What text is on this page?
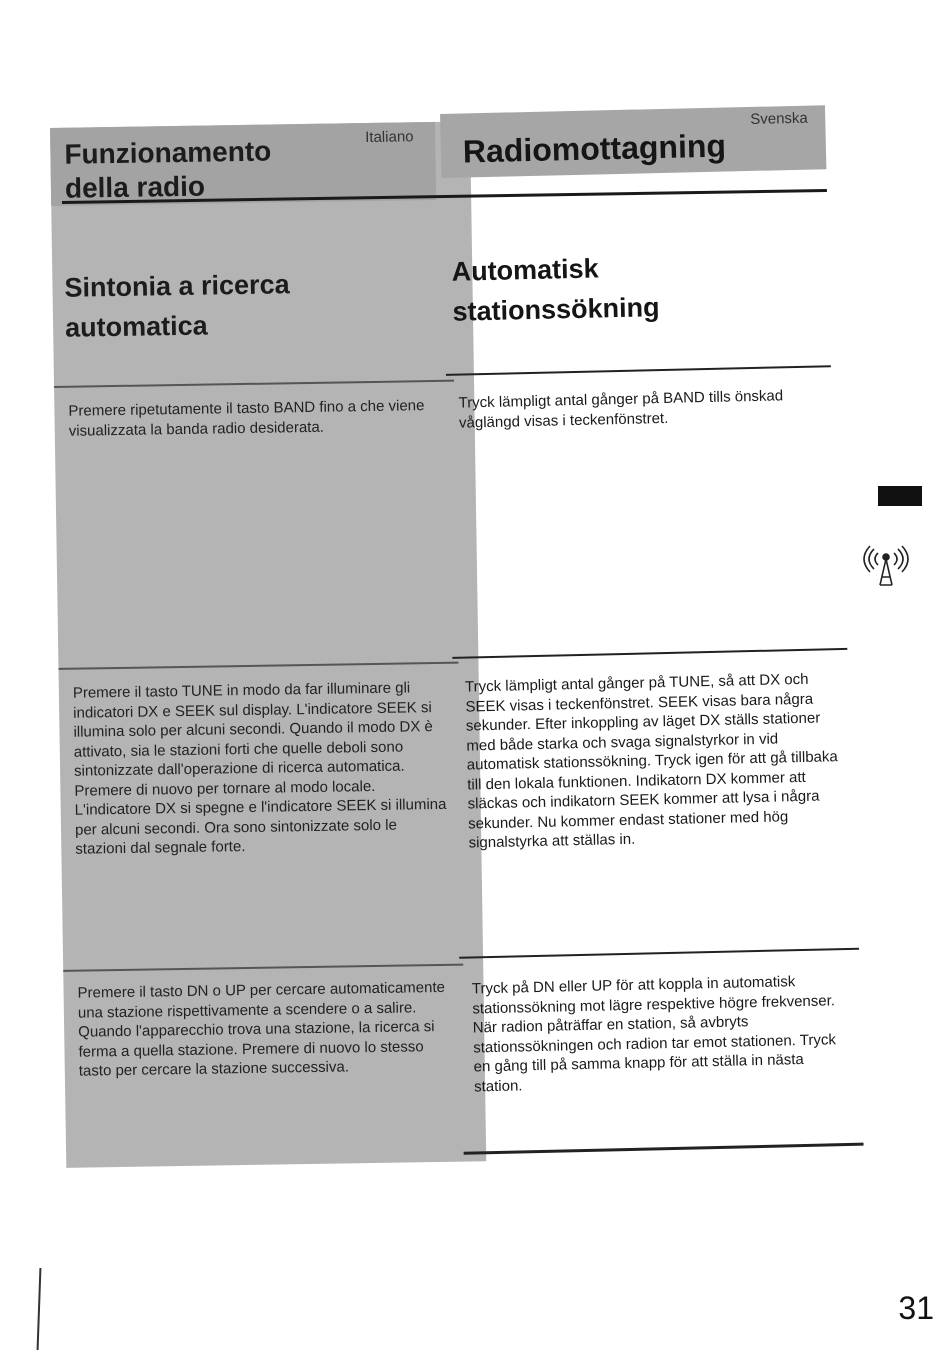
Italiano
Funzionamento
della radio
Sintonia a ricerca
automatica
Premere ripetutamente il tasto BAND fino a che viene visualizzata la banda radio desiderata.
Premere il tasto TUNE in modo da far illuminare gli indicatori DX e SEEK sul display. L'indicatore SEEK si illumina solo per alcuni secondi. Quando il modo DX è attivato, sia le stazioni forti che quelle deboli sono sintonizzate dall'operazione di ricerca automatica. Premere di nuovo per tornare al modo locale. L'indicatore DX si spegne e l'indicatore SEEK si illumina per alcuni secondi. Ora sono sintonizzate solo le stazioni dal segnale forte.
Premere il tasto DN o UP per cercare automaticamente una stazione rispettivamente a scendere o a salire. Quando l'apparecchio trova una stazione, la ricerca si ferma a quella stazione. Premere di nuovo lo stesso tasto per cercare la stazione successiva.
Svenska
Radiomottagning
Automatisk
stationssökning
Tryck lämpligt antal gånger på BAND tills önskad våglängd visas i teckenfönstret.
Tryck lämpligt antal gånger på TUNE, så att DX och SEEK visas i teckenfönstret. SEEK visas bara några sekunder. Efter inkoppling av läget DX ställs stationer med både starka och svaga signalstyrkor in vid automatisk stationssökning. Tryck igen för att gå tillbaka till den lokala funktionen. Indikatorn DX kommer att släckas och indikatorn SEEK kommer att lysa i några sekunder. Nu kommer endast stationer med hög signalstyrka att ställas in.
Tryck på DN eller UP för att koppla in automatisk stationssökning mot lägre respektive högre frekvenser. När radion påträffar en station, så avbryts stationssökningen och radion tar emot stationen. Tryck en gång till på samma knapp för att ställa in nästa station.
31
